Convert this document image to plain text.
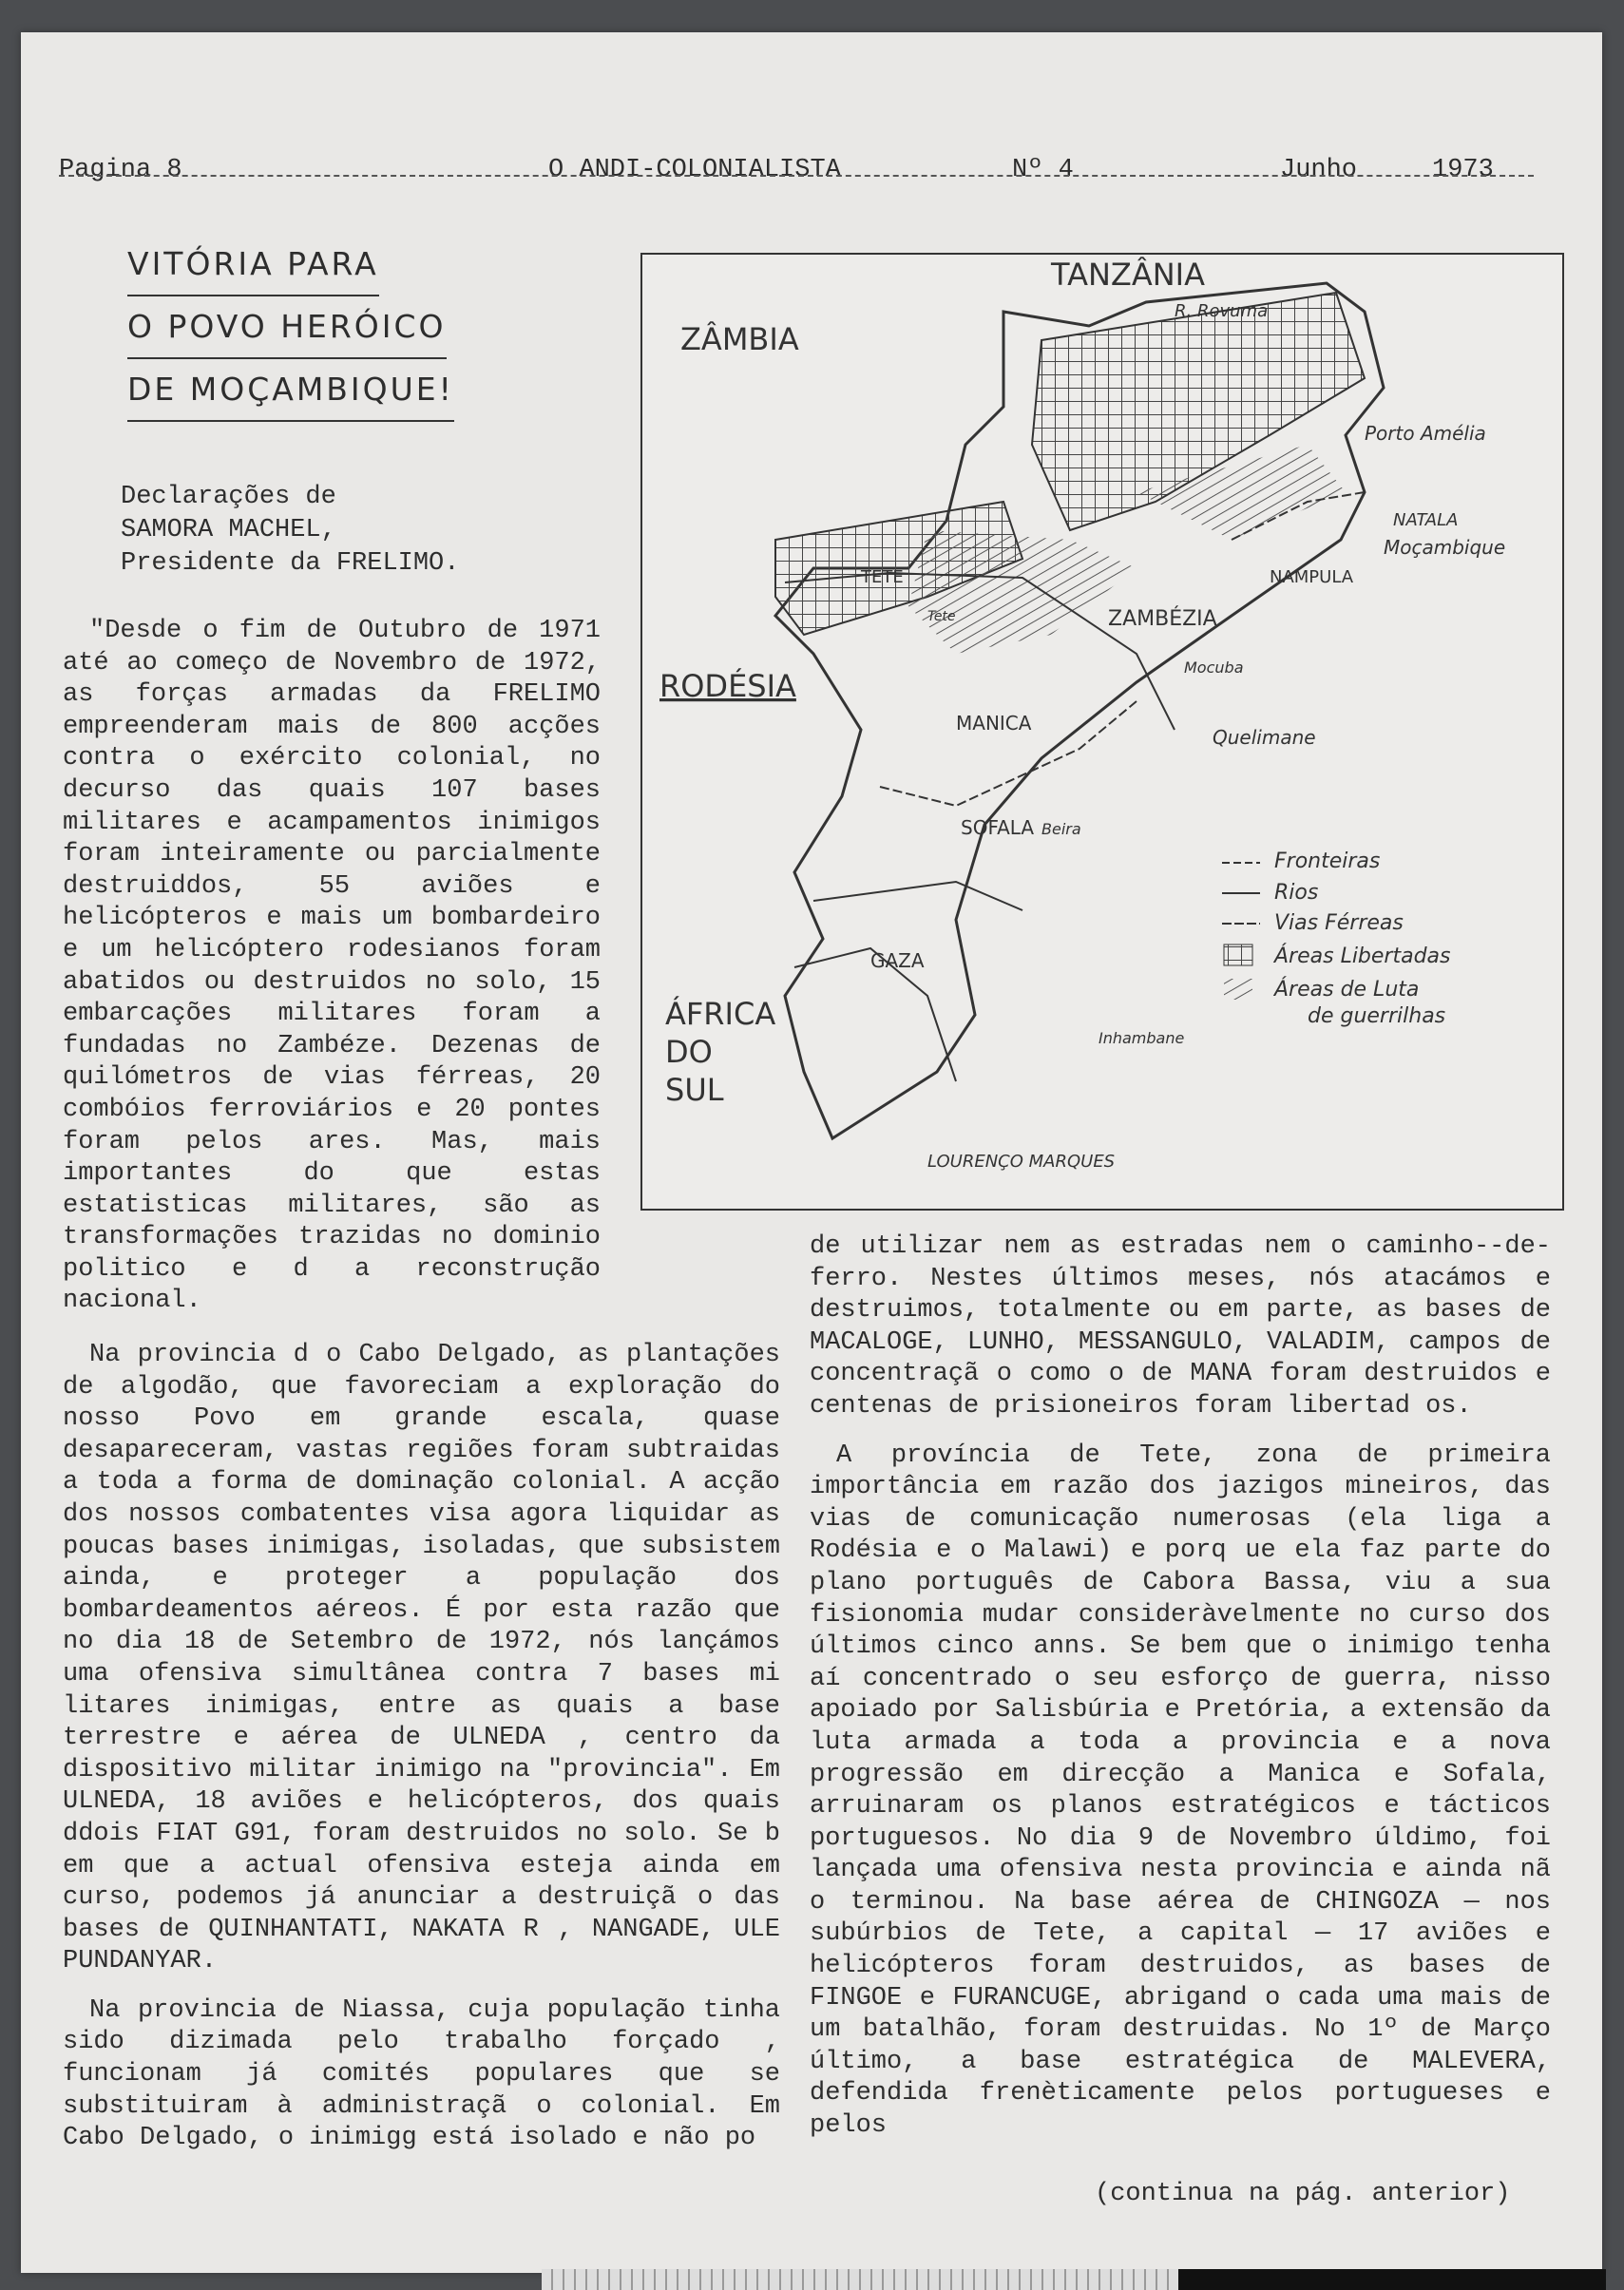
Pagina 8	O ANDI-COLONIALISTA	Nº 4	Junho	1973
VITÓRIA PARA
O POVO HERÓICO
DE MOÇAMBIQUE!
Declarações de
SAMORA MACHEL,
Presidente da FRELIMO.

"Desde o fim de Outubro de 1971 até ao começo de Novembro de 1972, as forças armadas da FRELIMO empreenderam mais de 800 acções contra o exército colonial, no decurso das quais 107 bases militares e acampamentos inimigos foram inteiramente ou parcialmente destruiddos, 55 aviões e helicópteros e mais um bombardeiro e um helicóptero rodesianos foram abatidos ou destruidos no solo, 15 embarcações militares foram a fundadas no Zambéze. Dezenas de quilómetros de vias férreas, 20 combóios ferroviários e 20 pontes foram pelos ares. Mas, mais importantes do que estas estatisticas militares, são as transformações trazidas no dominio politico e d a reconstrução nacional.

Na provincia d o Cabo Delgado, as plantações de algodão, que favoreciam a exploração do nosso Povo em grande escala, quase desapareceram, vastas regiões foram subtraidas a toda a forma de dominação colonial. A acção dos nossos combatentes visa agora liquidar as poucas bases inimigas, isoladas, que subsistem ainda, e proteger a população dos bombardeamentos aéreos. É por esta razão que no dia 18 de Setembro de 1972, nós lançámos uma ofensiva simultânea contra 7 bases mi litares inimigas, entre as quais a base terrestre e aérea de ULNEDA , centro da dispositivo militar inimigo na "provincia". Em ULNEDA, 18 aviões e helicópteros, dos quais ddois FIAT G91, foram destruidos no solo. Se b em que a actual ofensiva esteja ainda em curso, podemos já anunciar a destruiçã o das bases de QUINHANTATI, NAKATA R , NANGADE, ULE PUNDANYAR.

Na provincia de Niassa, cuja população tinha sido dizimada pelo trabalho forçado , funcionam já comités populares que se substituiram à administraçã o colonial. Em Cabo Delgado, o inimigg está isolado e não po

de utilizar nem as estradas nem o caminho--de-ferro. Nestes últimos meses, nós atacámos e destruimos, totalmente ou em parte, as bases de MACALOGE, LUNHO, MESSANGULO, VALADIM, campos de concentraçã o como o de MANA foram destruidos e centenas de prisioneiros foram libertad os.

A província de Tete, zona de primeira importância em razão dos jazigos mineiros, das vias de comunicação numerosas (ela liga a Rodésia e o Malawi) e porq ue ela faz parte do plano português de Cabora Bassa, viu a sua fisionomia mudar consideràvelmente no curso dos últimos cinco anns. Se bem que o inimigo tenha aí concentrado o seu esforço de guerra, nisso apoiado por Salisbúria e Pretória, a extensão da luta armada a toda a provincia e a nova progressão em direcção a Manica e Sofala, arruinaram os planos estratégicos e tácticos portuguesos. No dia 9 de Novembro úldimo, foi lançada uma ofensiva nesta provincia e ainda nã o terminou. Na base aérea de CHINGOZA — nos subúrbios de Tete, a capital — 17 aviões e helicópteros foram destruidos, as bases de FINGOE e FURANCUGE, abrigand o cada uma mais de um batalhão, foram destruidas. No 1º de Março último, a base estratégica de MALEVERA, defendida frenèticamente pelos portugueses e pelos

(continua na pág. anterior)
TANZÂNIA
ZÂMBIA
RODÉSIA
ÁFRICA
DO
SUL
R. Rovuma
Porto Amélia
NATALA
Moçambique
NAMPULA
ZAMBÉZIA
Mocuba
Quelimane
MANICA
SOFALA Beira
GAZA
Inhambane
LOURENÇO MARQUES
TETE
Tete
Fronteiras
Rios
Vias Férreas
Áreas Libertadas
Áreas de Luta
de guerrilhas
